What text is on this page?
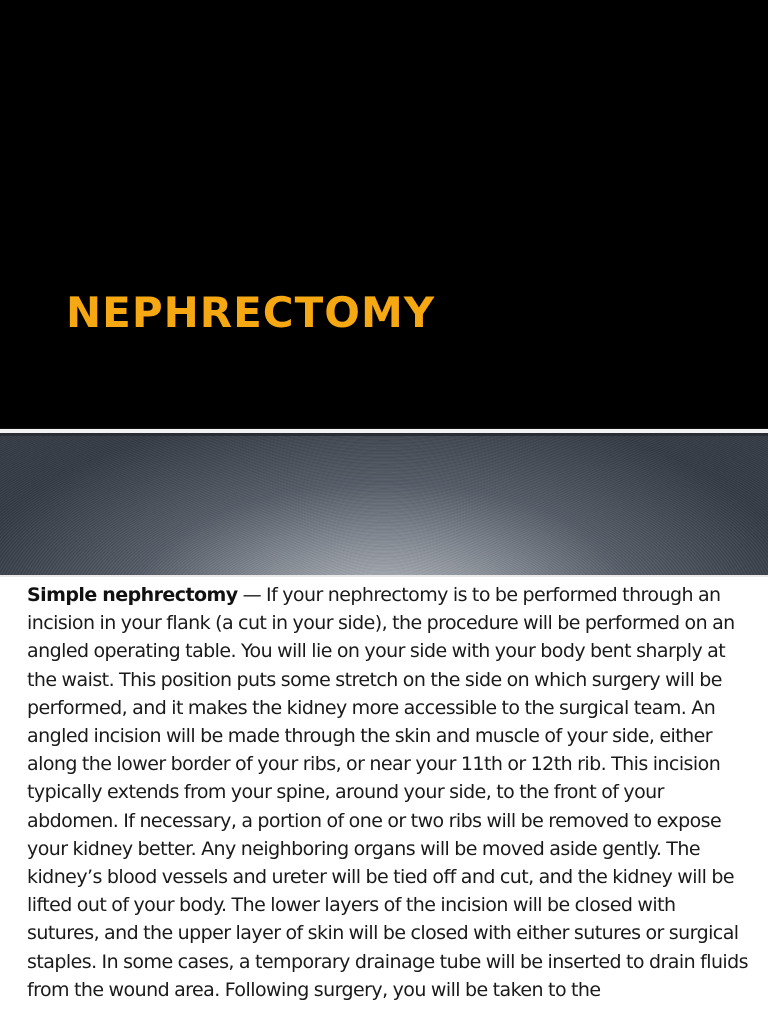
NEPHRECTOMY

Simple nephrectomy — If your nephrectomy is to be performed through an incision in your flank (a cut in your side), the procedure will be performed on an angled operating table. You will lie on your side with your body bent sharply at the waist. This position puts some stretch on the side on which surgery will be performed, and it makes the kidney more accessible to the surgical team. An angled incision will be made through the skin and muscle of your side, either along the lower border of your ribs, or near your 11th or 12th rib. This incision typically extends from your spine, around your side, to the front of your abdomen. If necessary, a portion of one or two ribs will be removed to expose your kidney better. Any neighboring organs will be moved aside gently. The kidney’s blood vessels and ureter will be tied off and cut, and the kidney will be lifted out of your body. The lower layers of the incision will be closed with sutures, and the upper layer of skin will be closed with either sutures or surgical staples. In some cases, a temporary drainage tube will be inserted to drain fluids from the wound area. Following surgery, you will be taken to the
